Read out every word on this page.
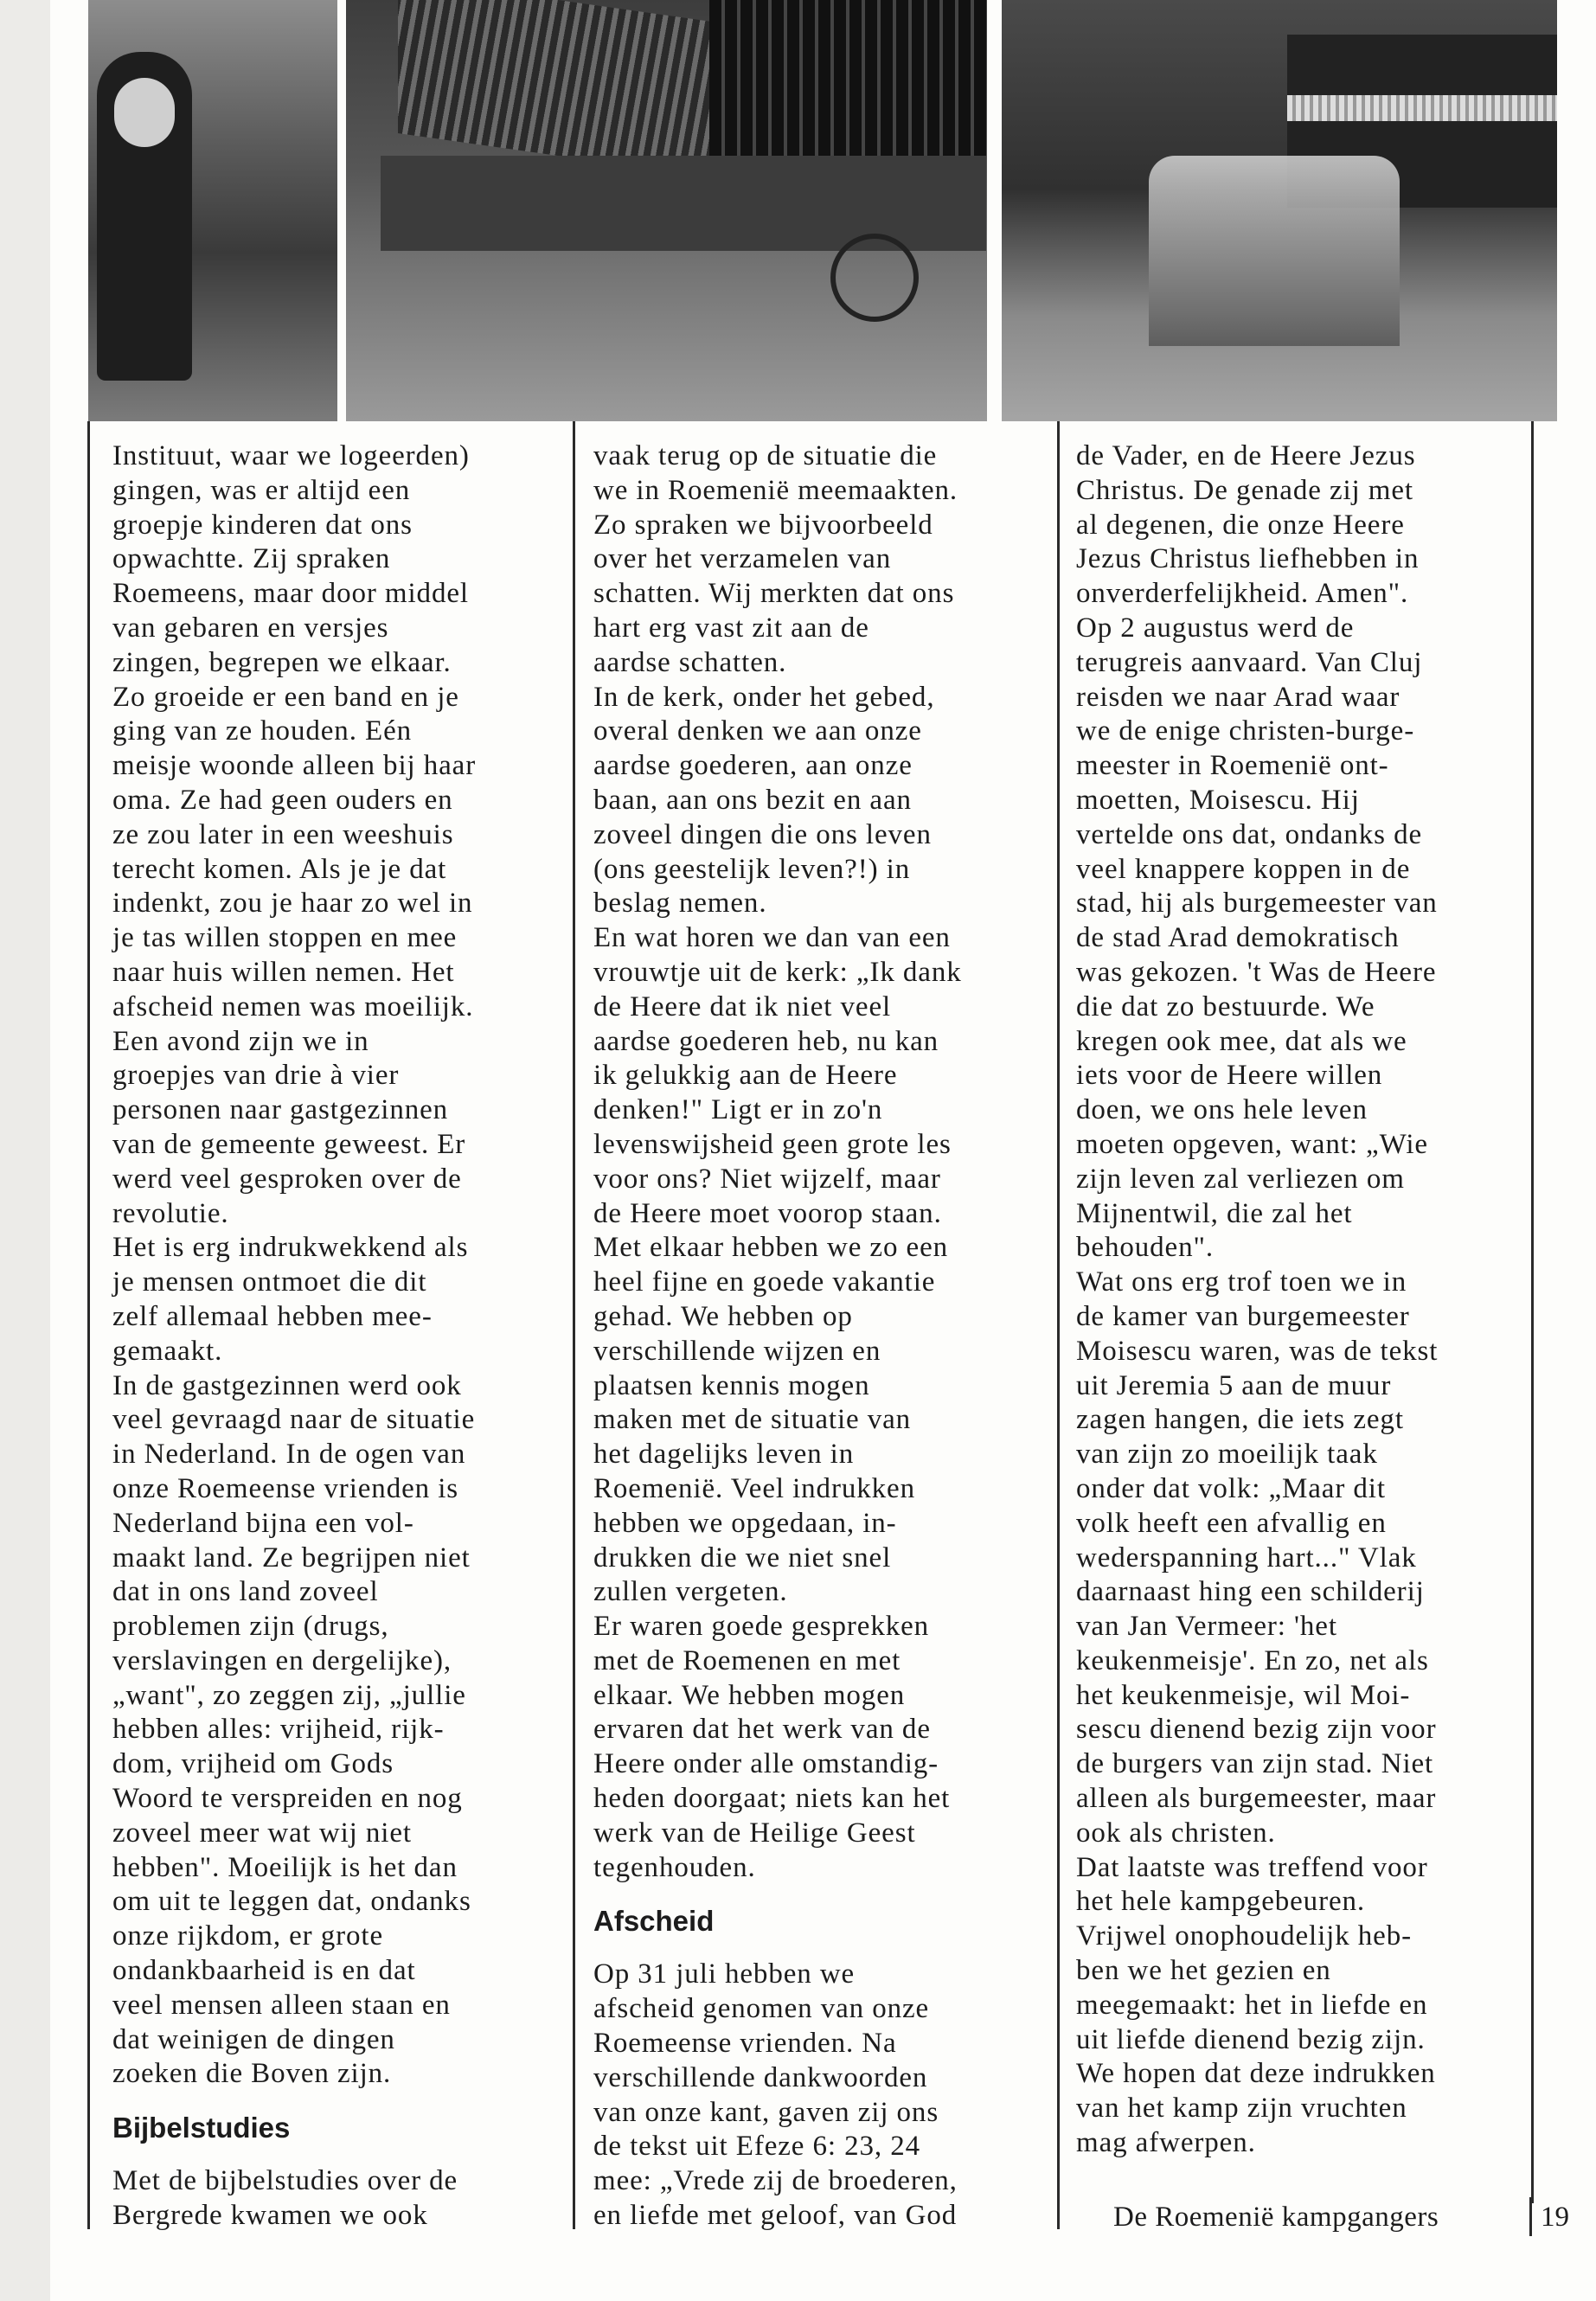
Instituut, waar we logeerden)
gingen, was er altijd een
groepje kinderen dat ons
opwachtte. Zij spraken
Roemeens, maar door middel
van gebaren en versjes
zingen, begrepen we elkaar.
Zo groeide er een band en je
ging van ze houden. Eén
meisje woonde alleen bij haar
oma. Ze had geen ouders en
ze zou later in een weeshuis
terecht komen. Als je je dat
indenkt, zou je haar zo wel in
je tas willen stoppen en mee
naar huis willen nemen. Het
afscheid nemen was moeilijk.
Een avond zijn we in
groepjes van drie à vier
personen naar gastgezinnen
van de gemeente geweest. Er
werd veel gesproken over de
revolutie.
Het is erg indrukwekkend als
je mensen ontmoet die dit
zelf allemaal hebben mee-
gemaakt.
In de gastgezinnen werd ook
veel gevraagd naar de situatie
in Nederland. In de ogen van
onze Roemeense vrienden is
Nederland bijna een vol-
maakt land. Ze begrijpen niet
dat in ons land zoveel
problemen zijn (drugs,
verslavingen en dergelijke),
„want", zo zeggen zij, „jullie
hebben alles: vrijheid, rijk-
dom, vrijheid om Gods
Woord te verspreiden en nog
zoveel meer wat wij niet
hebben". Moeilijk is het dan
om uit te leggen dat, ondanks
onze rijkdom, er grote
ondankbaarheid is en dat
veel mensen alleen staan en
dat weinigen de dingen
zoeken die Boven zijn.
Bijbelstudies
Met de bijbelstudies over de
Bergrede kwamen we ook
vaak terug op de situatie die
we in Roemenië meemaakten.
Zo spraken we bijvoorbeeld
over het verzamelen van
schatten. Wij merkten dat ons
hart erg vast zit aan de
aardse schatten.
In de kerk, onder het gebed,
overal denken we aan onze
aardse goederen, aan onze
baan, aan ons bezit en aan
zoveel dingen die ons leven
(ons geestelijk leven?!) in
beslag nemen.
En wat horen we dan van een
vrouwtje uit de kerk: „Ik dank
de Heere dat ik niet veel
aardse goederen heb, nu kan
ik gelukkig aan de Heere
denken!" Ligt er in zo'n
levenswijsheid geen grote les
voor ons? Niet wijzelf, maar
de Heere moet voorop staan.
Met elkaar hebben we zo een
heel fijne en goede vakantie
gehad. We hebben op
verschillende wijzen en
plaatsen kennis mogen
maken met de situatie van
het dagelijks leven in
Roemenië. Veel indrukken
hebben we opgedaan, in-
drukken die we niet snel
zullen vergeten.
Er waren goede gesprekken
met de Roemenen en met
elkaar. We hebben mogen
ervaren dat het werk van de
Heere onder alle omstandig-
heden doorgaat; niets kan het
werk van de Heilige Geest
tegenhouden.
Afscheid
Op 31 juli hebben we
afscheid genomen van onze
Roemeense vrienden. Na
verschillende dankwoorden
van onze kant, gaven zij ons
de tekst uit Efeze 6: 23, 24
mee: „Vrede zij de broederen,
en liefde met geloof, van God
de Vader, en de Heere Jezus
Christus. De genade zij met
al degenen, die onze Heere
Jezus Christus liefhebben in
onverderfelijkheid. Amen".
Op 2 augustus werd de
terugreis aanvaard. Van Cluj
reisden we naar Arad waar
we de enige christen-burge-
meester in Roemenië ont-
moetten, Moisescu. Hij
vertelde ons dat, ondanks de
veel knappere koppen in de
stad, hij als burgemeester van
de stad Arad demokratisch
was gekozen. 't Was de Heere
die dat zo bestuurde. We
kregen ook mee, dat als we
iets voor de Heere willen
doen, we ons hele leven
moeten opgeven, want: „Wie
zijn leven zal verliezen om
Mijnentwil, die zal het
behouden".
Wat ons erg trof toen we in
de kamer van burgemeester
Moisescu waren, was de tekst
uit Jeremia 5 aan de muur
zagen hangen, die iets zegt
van zijn zo moeilijk taak
onder dat volk: „Maar dit
volk heeft een afvallig en
wederspanning hart..." Vlak
daarnaast hing een schilderij
van Jan Vermeer: 'het
keukenmeisje'. En zo, net als
het keukenmeisje, wil Moi-
sescu dienend bezig zijn voor
de burgers van zijn stad. Niet
alleen als burgemeester, maar
ook als christen.
Dat laatste was treffend voor
het hele kampgebeuren.
Vrijwel onophoudelijk heb-
ben we het gezien en
meegemaakt: het in liefde en
uit liefde dienend bezig zijn.
We hopen dat deze indrukken
van het kamp zijn vruchten
mag afwerpen.
De Roemenië kampgangers	19
